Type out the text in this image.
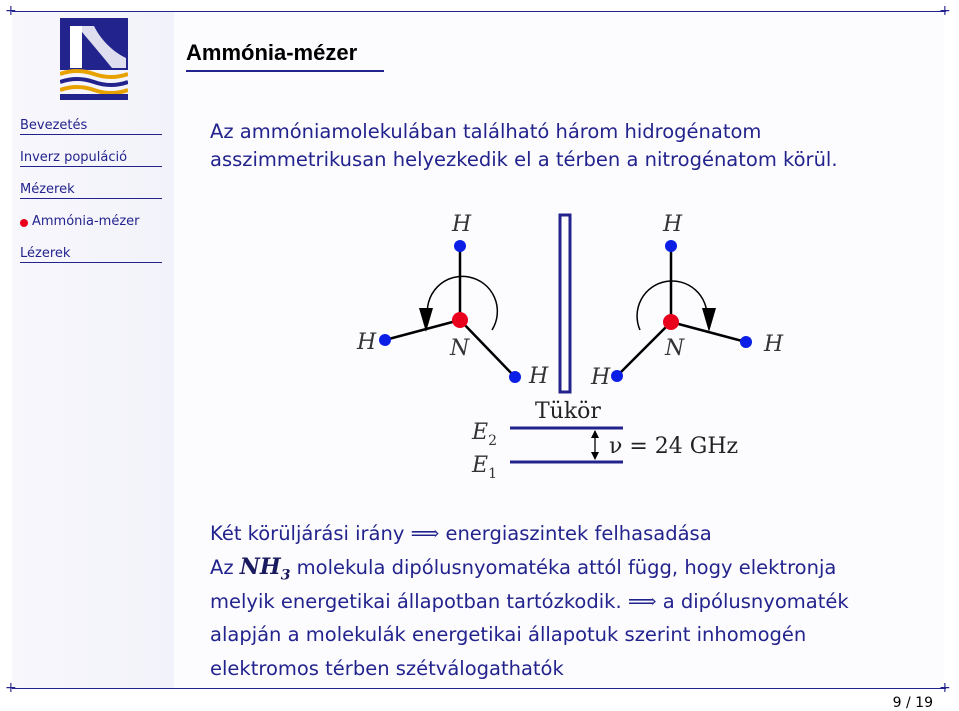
+	+
+	+
Ammónia-mézer
Bevezetés
Inverz populáció
Mézerek
Ammónia-mézer
Lézerek
Az ammóniamolekulában található három hidrogénatom
asszimmetrikusan helyezkedik el a térben a nitrogénatom körül.
H	H
H	H
H H
N	N
Tükör
$E_2$
$E_1$
ν = 24 GHz
Két körüljárási irány ⟹ energiaszintek felhasadása
Az $NH_3$ molekula dipólusnyomatéka attól függ, hogy elektronja
melyik energetikai állapotban tartózkodik. ⟹ a dipólusnyomaték
alapján a molekulák energetikai állapotuk szerint inhomogén
elektromos térben szétválogathatók
9 / 19
